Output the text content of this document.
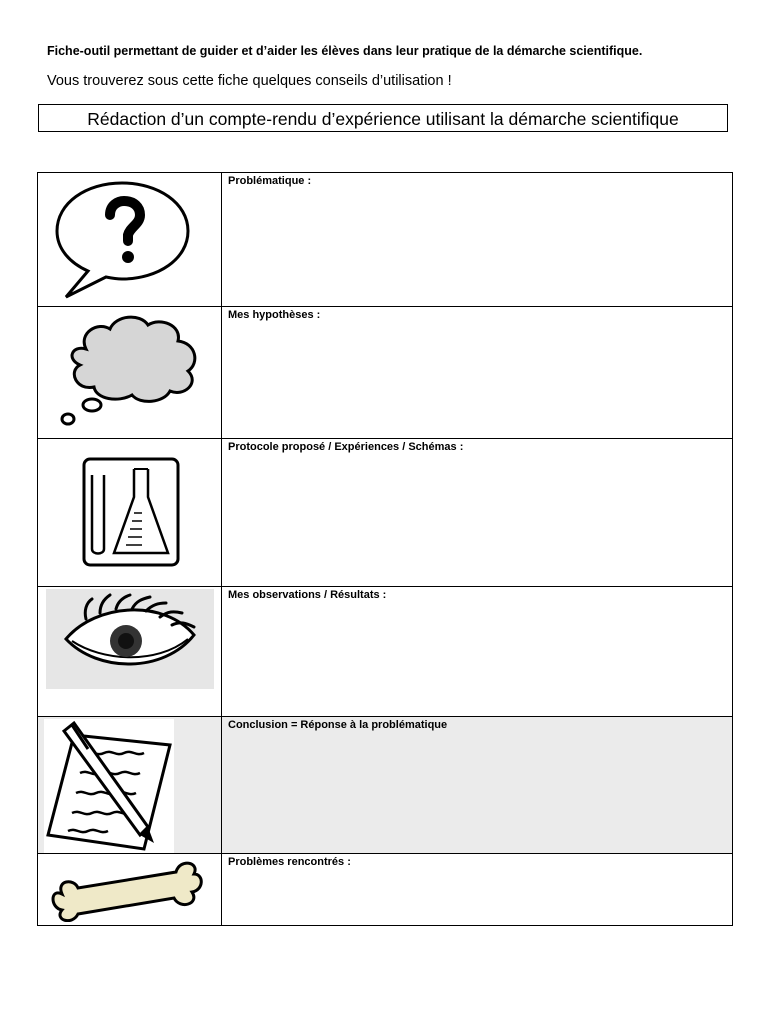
Fiche-outil permettant de guider et d’aider les élèves dans leur pratique de la démarche scientifique.
Vous trouverez sous cette fiche quelques conseils d’utilisation !
Rédaction d’un compte-rendu d’expérience utilisant la démarche scientifique
	Problématique :

	Mes hypothèses :

	Protocole proposé / Expériences / Schémas :

	Mes observations / Résultats :

	Conclusion = Réponse à la problématique

	Problèmes rencontrés :
